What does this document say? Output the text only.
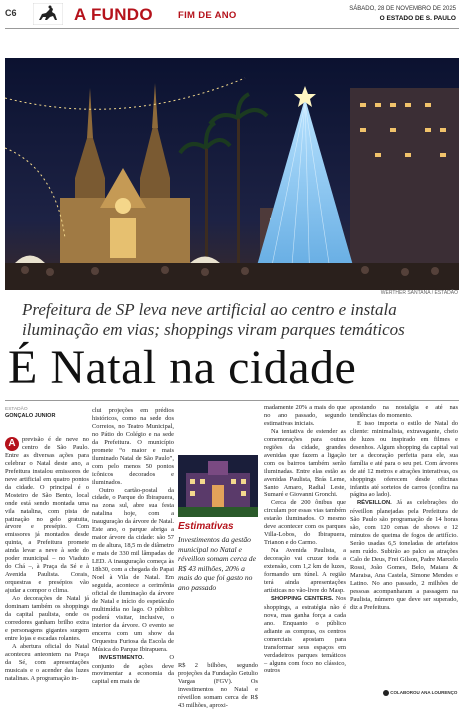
C6	A FUNDO	FIM DE ANO
SÁBADO, 28 DE NOVEMBRO DE 2025
O ESTADO DE S. PAULO
WERTHER SANTANA / ESTADÃO
Prefeitura de SP leva neve artificial ao centro e instala iluminação em vias; shoppings viram parques temáticos
É Natal na cidade
ESTADÃO
GONÇALO JUNIOR

A previsão é de neve no centro de São Paulo. Entre as diversas ações para celebrar o Natal deste ano, a Prefeitura instalou emissores de neve artificial em quatro pontos da cidade. O principal é o Mosteiro de São Bento, local onde está sendo montada uma vila natalina, com pista de patinação no gelo gratuita, árvore e presépio. Com emissores já montados desde quinta, a Prefeitura promete ainda levar a neve à sede do poder municipal – no Viaduto do Chá –, à Praça da Sé e à Avenida Paulista. Corais, orquestras e presépios vão ajudar a compor o clima.

Ao decorações de Natal já dominam também os shoppings da capital paulista, onde os corredores ganham brilho extra e personagens gigantes surgem entre lojas e escadas rolantes.

A abertura oficial do Natal aconteceu anteontem na Praça da Sé, com apresentações musicais e o acender das luzes natalinas. A programação in-

clui projeções em prédios históricos, como na sede dos Correios, no Teatro Municipal, no Pátio do Colégio e na sede da Prefeitura. O município promete “o maior e mais iluminado Natal de São Paulo”, com pelo menos 50 pontos icônicos decorados e iluminados.

Outro cartão-postal da cidade, o Parque do Ibirapuera, na zona sul, abre sua festa natalina hoje, com a inauguração da árvore de Natal. Este ano, o parque abriga a maior árvore da cidade: são 57 m de altura, 18,5 m de diâmetro e mais de 330 mil lâmpadas de LED. A inauguração começa às 18h30, com a chegada do Papai Noel à Vila de Natal. Em seguida, acontece a cerimônia oficial de iluminação da árvore de Natal e início do espetáculo multimídia no lago. O público poderá visitar, inclusive, o interior da árvore. O evento se encerra com um show da Orquestra Furiosa da Escola de Música do Parque Ibirapuera.

INVESTIMENTO.	O conjunto de ações deve movimentar a economia da capital em mais de

Estimativas
Investimentos da gestão municipal no Natal e réveillon somam cerca de R$ 43 milhões, 20% a mais do que foi gasto no ano passado

R$ 2 bilhões, segundo projeções da Fundação Getulio Vargas (FGV). Os investimentos no Natal e réveillon somam cerca de R$ 43 milhões, aproxi-

madamente 20% a mais do que no ano passado, segundo estimativas iniciais.

Na tentativa de estender as comemorações para outras regiões da cidade, grandes avenidas que fazem a ligação com os bairros também serão iluminadas. Entre elas estão as avenidas Paulista, Brás Leme, Santo Amaro, Radial Leste, Sumaré e Giovanni Gronchi.

Cerca de 200 ônibus que circulam por essas vias também estarão iluminados. O mesmo deve acontecer com os parques Villa-Lobos, do Ibirapuera, Trianon e do Carmo.

Na Avenida Paulista, a decoração vai cruzar toda a extensão, com 1,2 km de luzes, formando um túnel. A região terá ainda apresentações artísticas no vão-livre do Masp.

SHOPPING CENTERS. Nos shoppings, a estratégia não é nova, mas ganha força a cada ano. Enquanto o público adiante as compras, os centros comerciais apostam para transformar seus espaços em verdadeiros parques temáticos – alguns com foco no clássico, outros

apostando na nostalgia e até nas tendências do momento.

E isso importa o estilo de Natal do cliente: minimalista, extravagante, cheio de luzes ou inspirado em filmes e desenhos. Algum shopping da capital vai ter a decoração perfeita para ele, sua família e até para o seu pet. Com árvores de até 12 metros e atrações interativas, os shoppings oferecem desde oficinas infantis até sorteios de carros (confira na página ao lado).

RÉVEILLON. Já as celebrações do réveillon planejadas pela Prefeitura de São Paulo são programação de 14 horas são, com 120 cenas de shows e 12 minutos de queima de fogos de artifício. Serão usadas 6,5 toneladas de artefatos sem ruído. Subirão ao palco as atrações Calo de Deus, Frei Gilson, Padre Marcelo Rossi, João Gomes, Belo, Maiara & Maraisa, Ana Castela, Simone Mendes e Latino. No ano passado, 2 milhões de pessoas acompanharam a passagem na Paulista, número que deve ser superado, diz a Prefeitura.

COLABOROU ANA LOURENÇO
